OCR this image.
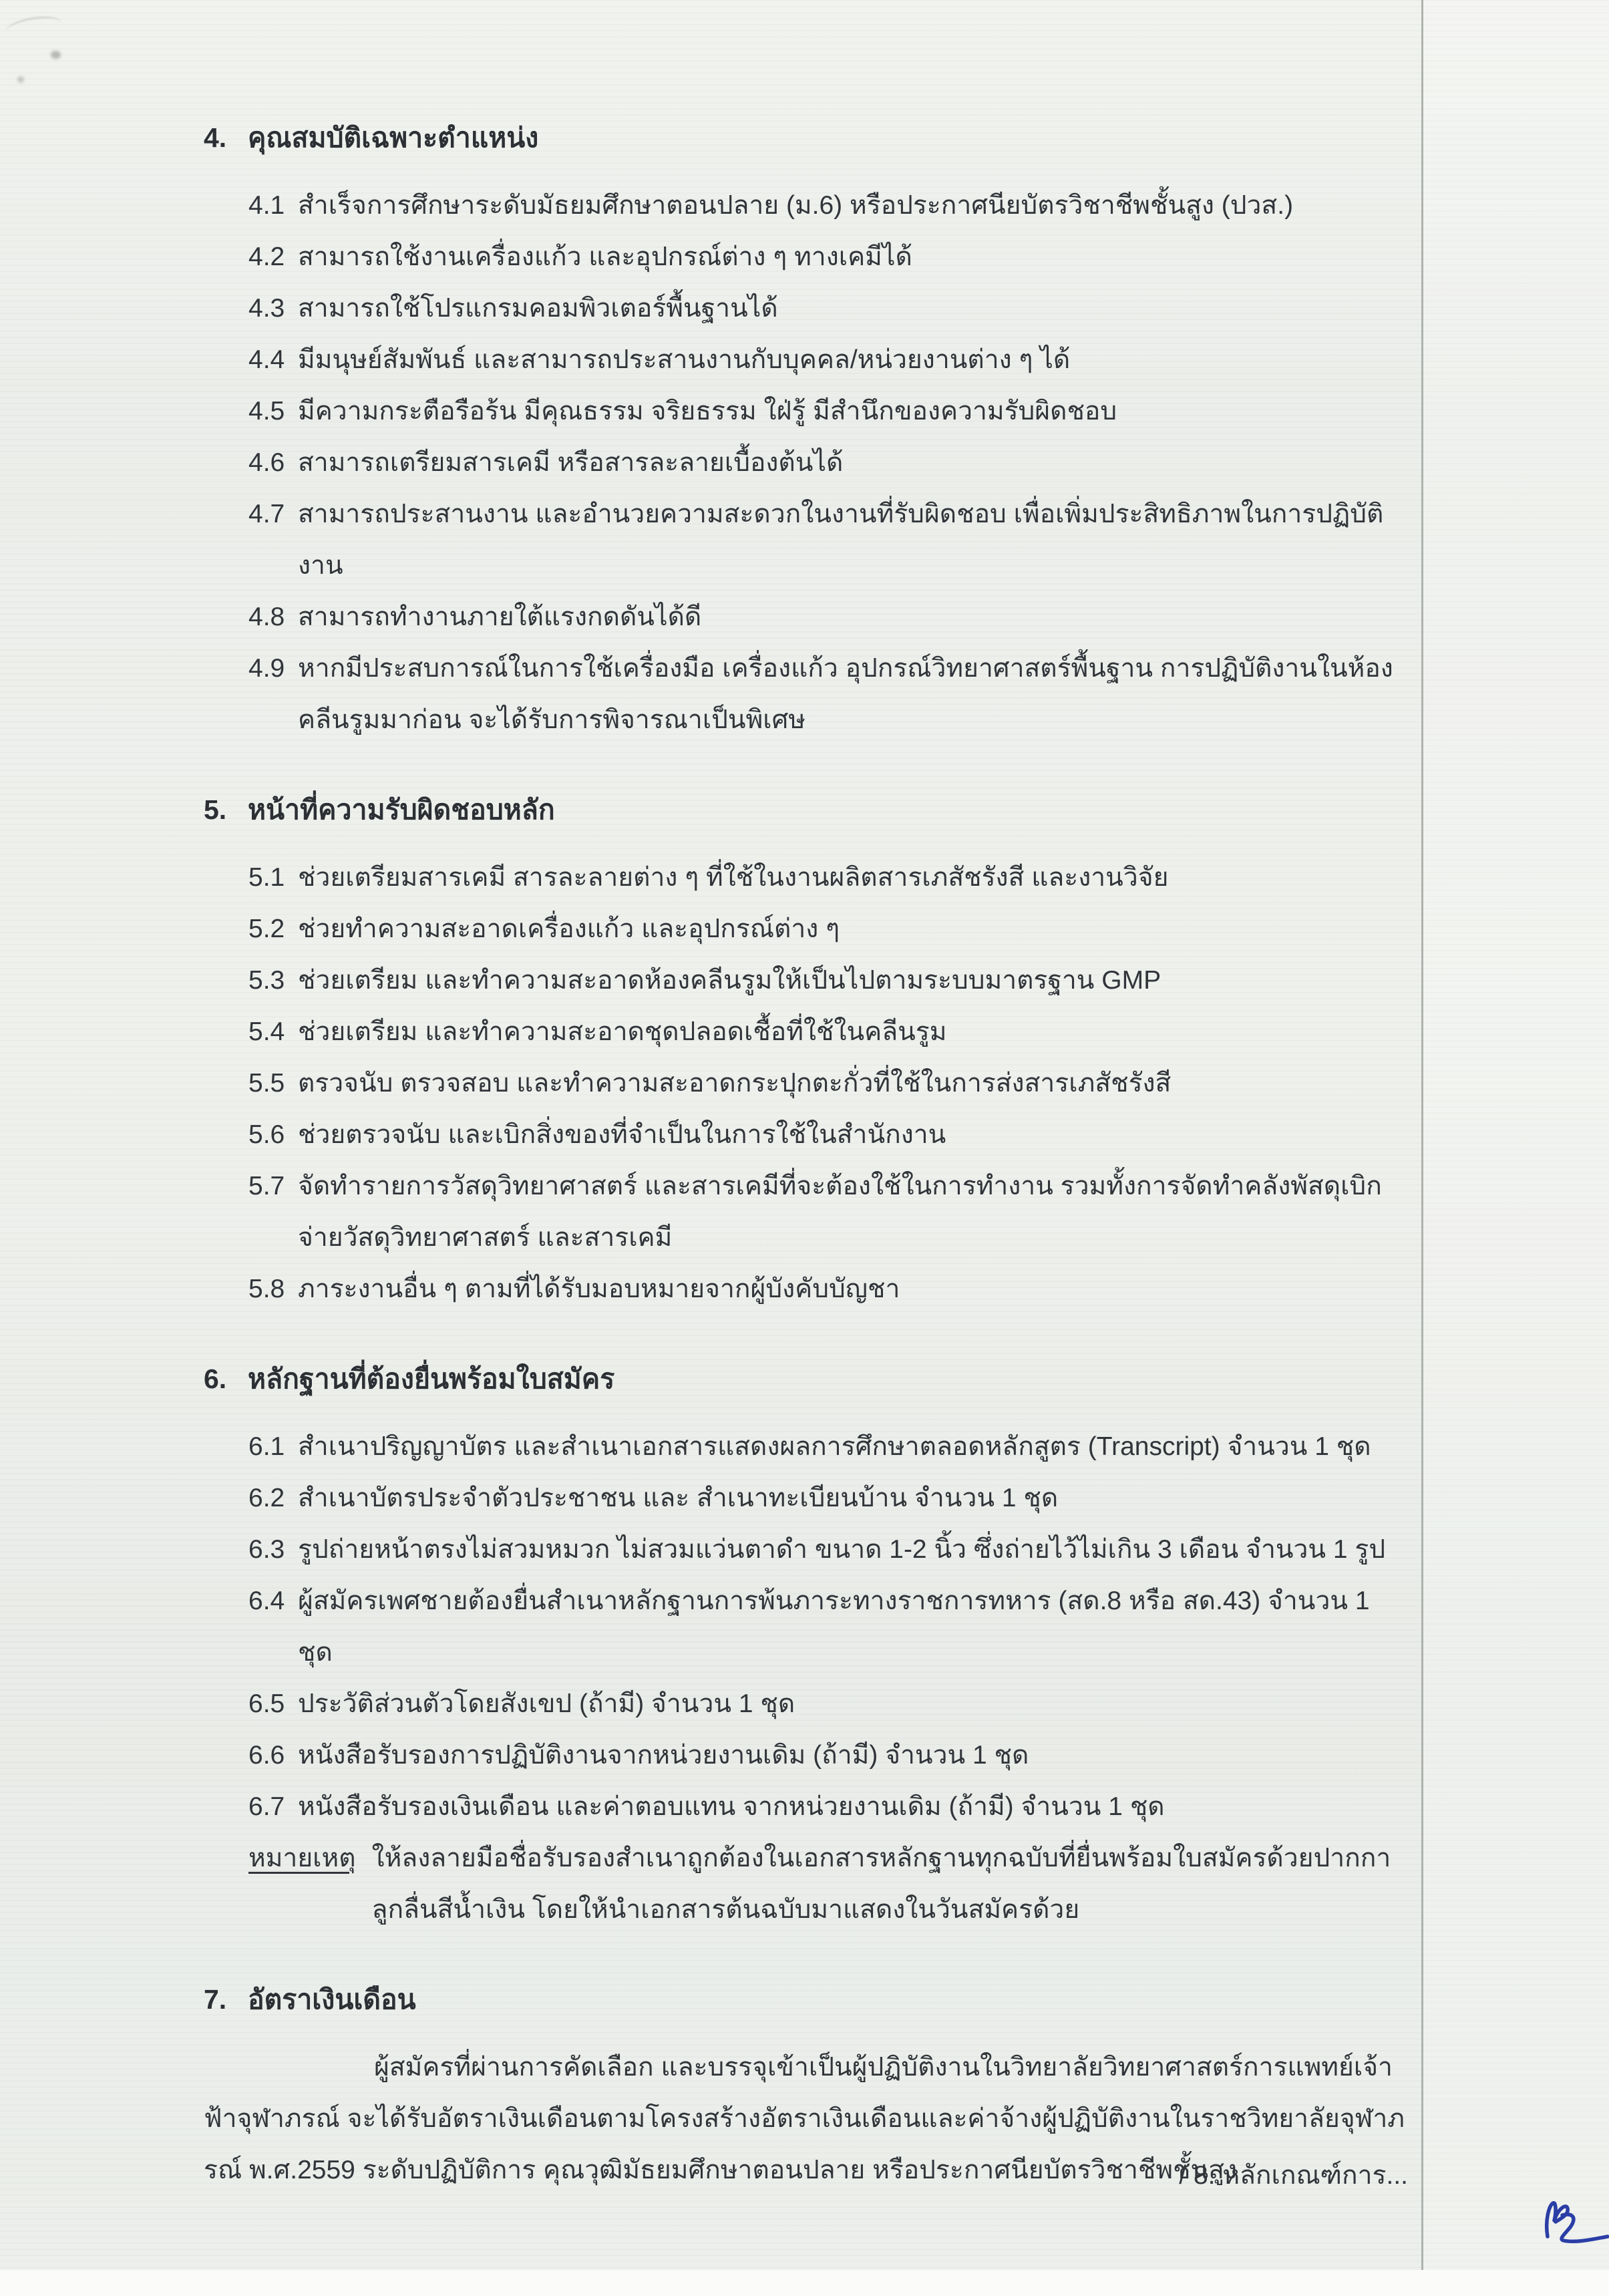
4. คุณสมบัติเฉพาะตำแหน่ง
4.1 สำเร็จการศึกษาระดับมัธยมศึกษาตอนปลาย (ม.6) หรือประกาศนียบัตรวิชาชีพชั้นสูง (ปวส.)
4.2 สามารถใช้งานเครื่องแก้ว และอุปกรณ์ต่าง ๆ ทางเคมีได้
4.3 สามารถใช้โปรแกรมคอมพิวเตอร์พื้นฐานได้
4.4 มีมนุษย์สัมพันธ์ และสามารถประสานงานกับบุคคล/หน่วยงานต่าง ๆ ได้
4.5 มีความกระตือรือร้น มีคุณธรรม จริยธรรม ใฝ่รู้ มีสำนึกของความรับผิดชอบ
4.6 สามารถเตรียมสารเคมี หรือสารละลายเบื้องต้นได้
4.7 สามารถประสานงาน และอำนวยความสะดวกในงานที่รับผิดชอบ เพื่อเพิ่มประสิทธิภาพในการปฏิบัติงาน
4.8 สามารถทำงานภายใต้แรงกดดันได้ดี
4.9 หากมีประสบการณ์ในการใช้เครื่องมือ เครื่องแก้ว อุปกรณ์วิทยาศาสตร์พื้นฐาน การปฏิบัติงานในห้องคลีนรูมมาก่อน จะได้รับการพิจารณาเป็นพิเศษ
5. หน้าที่ความรับผิดชอบหลัก
5.1 ช่วยเตรียมสารเคมี สารละลายต่าง ๆ ที่ใช้ในงานผลิตสารเภสัชรังสี และงานวิจัย
5.2 ช่วยทำความสะอาดเครื่องแก้ว และอุปกรณ์ต่าง ๆ
5.3 ช่วยเตรียม และทำความสะอาดห้องคลีนรูมให้เป็นไปตามระบบมาตรฐาน GMP
5.4 ช่วยเตรียม และทำความสะอาดชุดปลอดเชื้อที่ใช้ในคลีนรูม
5.5 ตรวจนับ ตรวจสอบ และทำความสะอาดกระปุกตะกั่วที่ใช้ในการส่งสารเภสัชรังสี
5.6 ช่วยตรวจนับ และเบิกสิ่งของที่จำเป็นในการใช้ในสำนักงาน
5.7 จัดทำรายการวัสดุวิทยาศาสตร์ และสารเคมีที่จะต้องใช้ในการทำงาน รวมทั้งการจัดทำคลังพัสดุเบิกจ่ายวัสดุวิทยาศาสตร์ และสารเคมี
5.8 ภาระงานอื่น ๆ ตามที่ได้รับมอบหมายจากผู้บังคับบัญชา
6. หลักฐานที่ต้องยื่นพร้อมใบสมัคร
6.1 สำเนาปริญญาบัตร และสำเนาเอกสารแสดงผลการศึกษาตลอดหลักสูตร (Transcript) จำนวน 1 ชุด
6.2 สำเนาบัตรประจำตัวประชาชน และ สำเนาทะเบียนบ้าน จำนวน 1 ชุด
6.3 รูปถ่ายหน้าตรงไม่สวมหมวก ไม่สวมแว่นตาดำ ขนาด 1-2 นิ้ว ซึ่งถ่ายไว้ไม่เกิน 3 เดือน จำนวน 1 รูป
6.4 ผู้สมัครเพศชายต้องยื่นสำเนาหลักฐานการพ้นภาระทางราชการทหาร (สด.8 หรือ สด.43) จำนวน 1 ชุด
6.5 ประวัติส่วนตัวโดยสังเขป (ถ้ามี) จำนวน 1 ชุด
6.6 หนังสือรับรองการปฏิบัติงานจากหน่วยงานเดิม (ถ้ามี) จำนวน 1 ชุด
6.7 หนังสือรับรองเงินเดือน และค่าตอบแทน จากหน่วยงานเดิม (ถ้ามี) จำนวน 1 ชุด
หมายเหตุ ให้ลงลายมือชื่อรับรองสำเนาถูกต้องในเอกสารหลักฐานทุกฉบับที่ยื่นพร้อมใบสมัครด้วยปากกาลูกลื่นสีน้ำเงิน โดยให้นำเอกสารต้นฉบับมาแสดงในวันสมัครด้วย
7. อัตราเงินเดือน

ผู้สมัครที่ผ่านการคัดเลือก และบรรจุเข้าเป็นผู้ปฏิบัติงานในวิทยาลัยวิทยาศาสตร์การแพทย์เจ้าฟ้าจุฬาภรณ์ จะได้รับอัตราเงินเดือนตามโครงสร้างอัตราเงินเดือนและค่าจ้างผู้ปฏิบัติงานในราชวิทยาลัยจุฬาภรณ์ พ.ศ.2559 ระดับปฏิบัติการ คุณวุฒิมัธยมศึกษาตอนปลาย หรือประกาศนียบัตรวิชาชีพชั้นสูง

/ 8. หลักเกณฑ์การ...
